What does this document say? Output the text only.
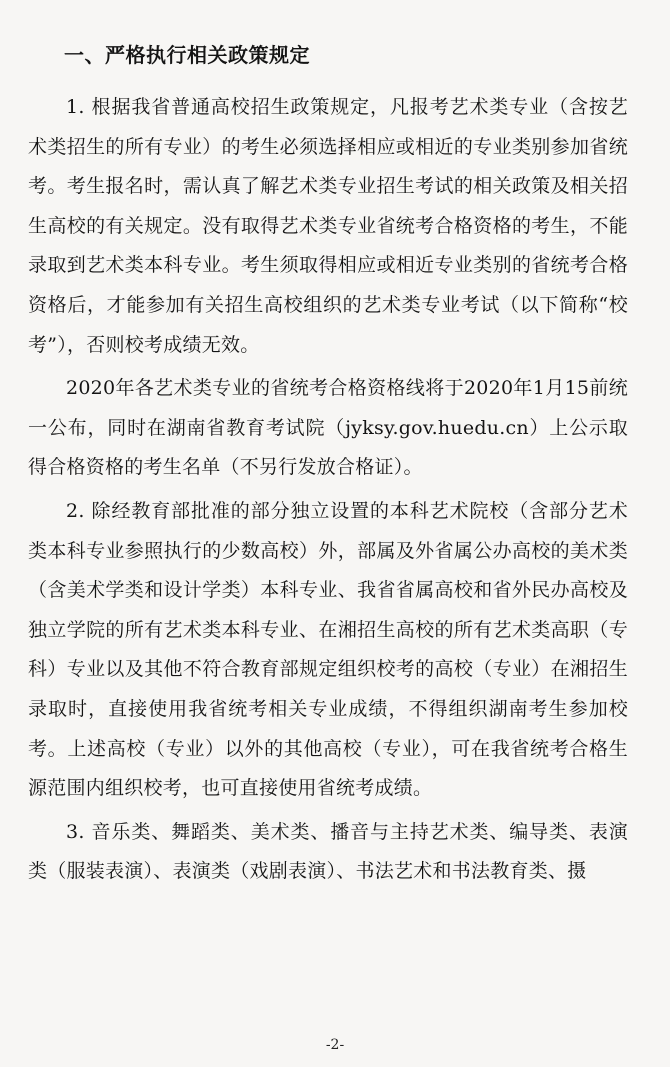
一、严格执行相关政策规定

1. 根据我省普通高校招生政策规定，凡报考艺术类专业（含按艺术类招生的所有专业）的考生必须选择相应或相近的专业类别参加省统考。考生报名时，需认真了解艺术类专业招生考试的相关政策及相关招生高校的有关规定。没有取得艺术类专业省统考合格资格的考生，不能录取到艺术类本科专业。考生须取得相应或相近专业类别的省统考合格资格后，才能参加有关招生高校组织的艺术类专业考试（以下简称“校考”），否则校考成绩无效。

2020年各艺术类专业的省统考合格资格线将于2020年1月15前统一公布，同时在湖南省教育考试院（jyksy.gov.huedu.cn）上公示取得合格资格的考生名单（不另行发放合格证）。

2. 除经教育部批准的部分独立设置的本科艺术院校（含部分艺术类本科专业参照执行的少数高校）外，部属及外省属公办高校的美术类（含美术学类和设计学类）本科专业、我省省属高校和省外民办高校及独立学院的所有艺术类本科专业、在湘招生高校的所有艺术类高职（专科）专业以及其他不符合教育部规定组织校考的高校（专业）在湘招生录取时，直接使用我省统考相关专业成绩，不得组织湖南考生参加校考。上述高校（专业）以外的其他高校（专业），可在我省统考合格生源范围内组织校考，也可直接使用省统考成绩。

3. 音乐类、舞蹈类、美术类、播音与主持艺术类、编导类、表演类（服装表演）、表演类（戏剧表演）、书法艺术和书法教育类、摄

-2-
